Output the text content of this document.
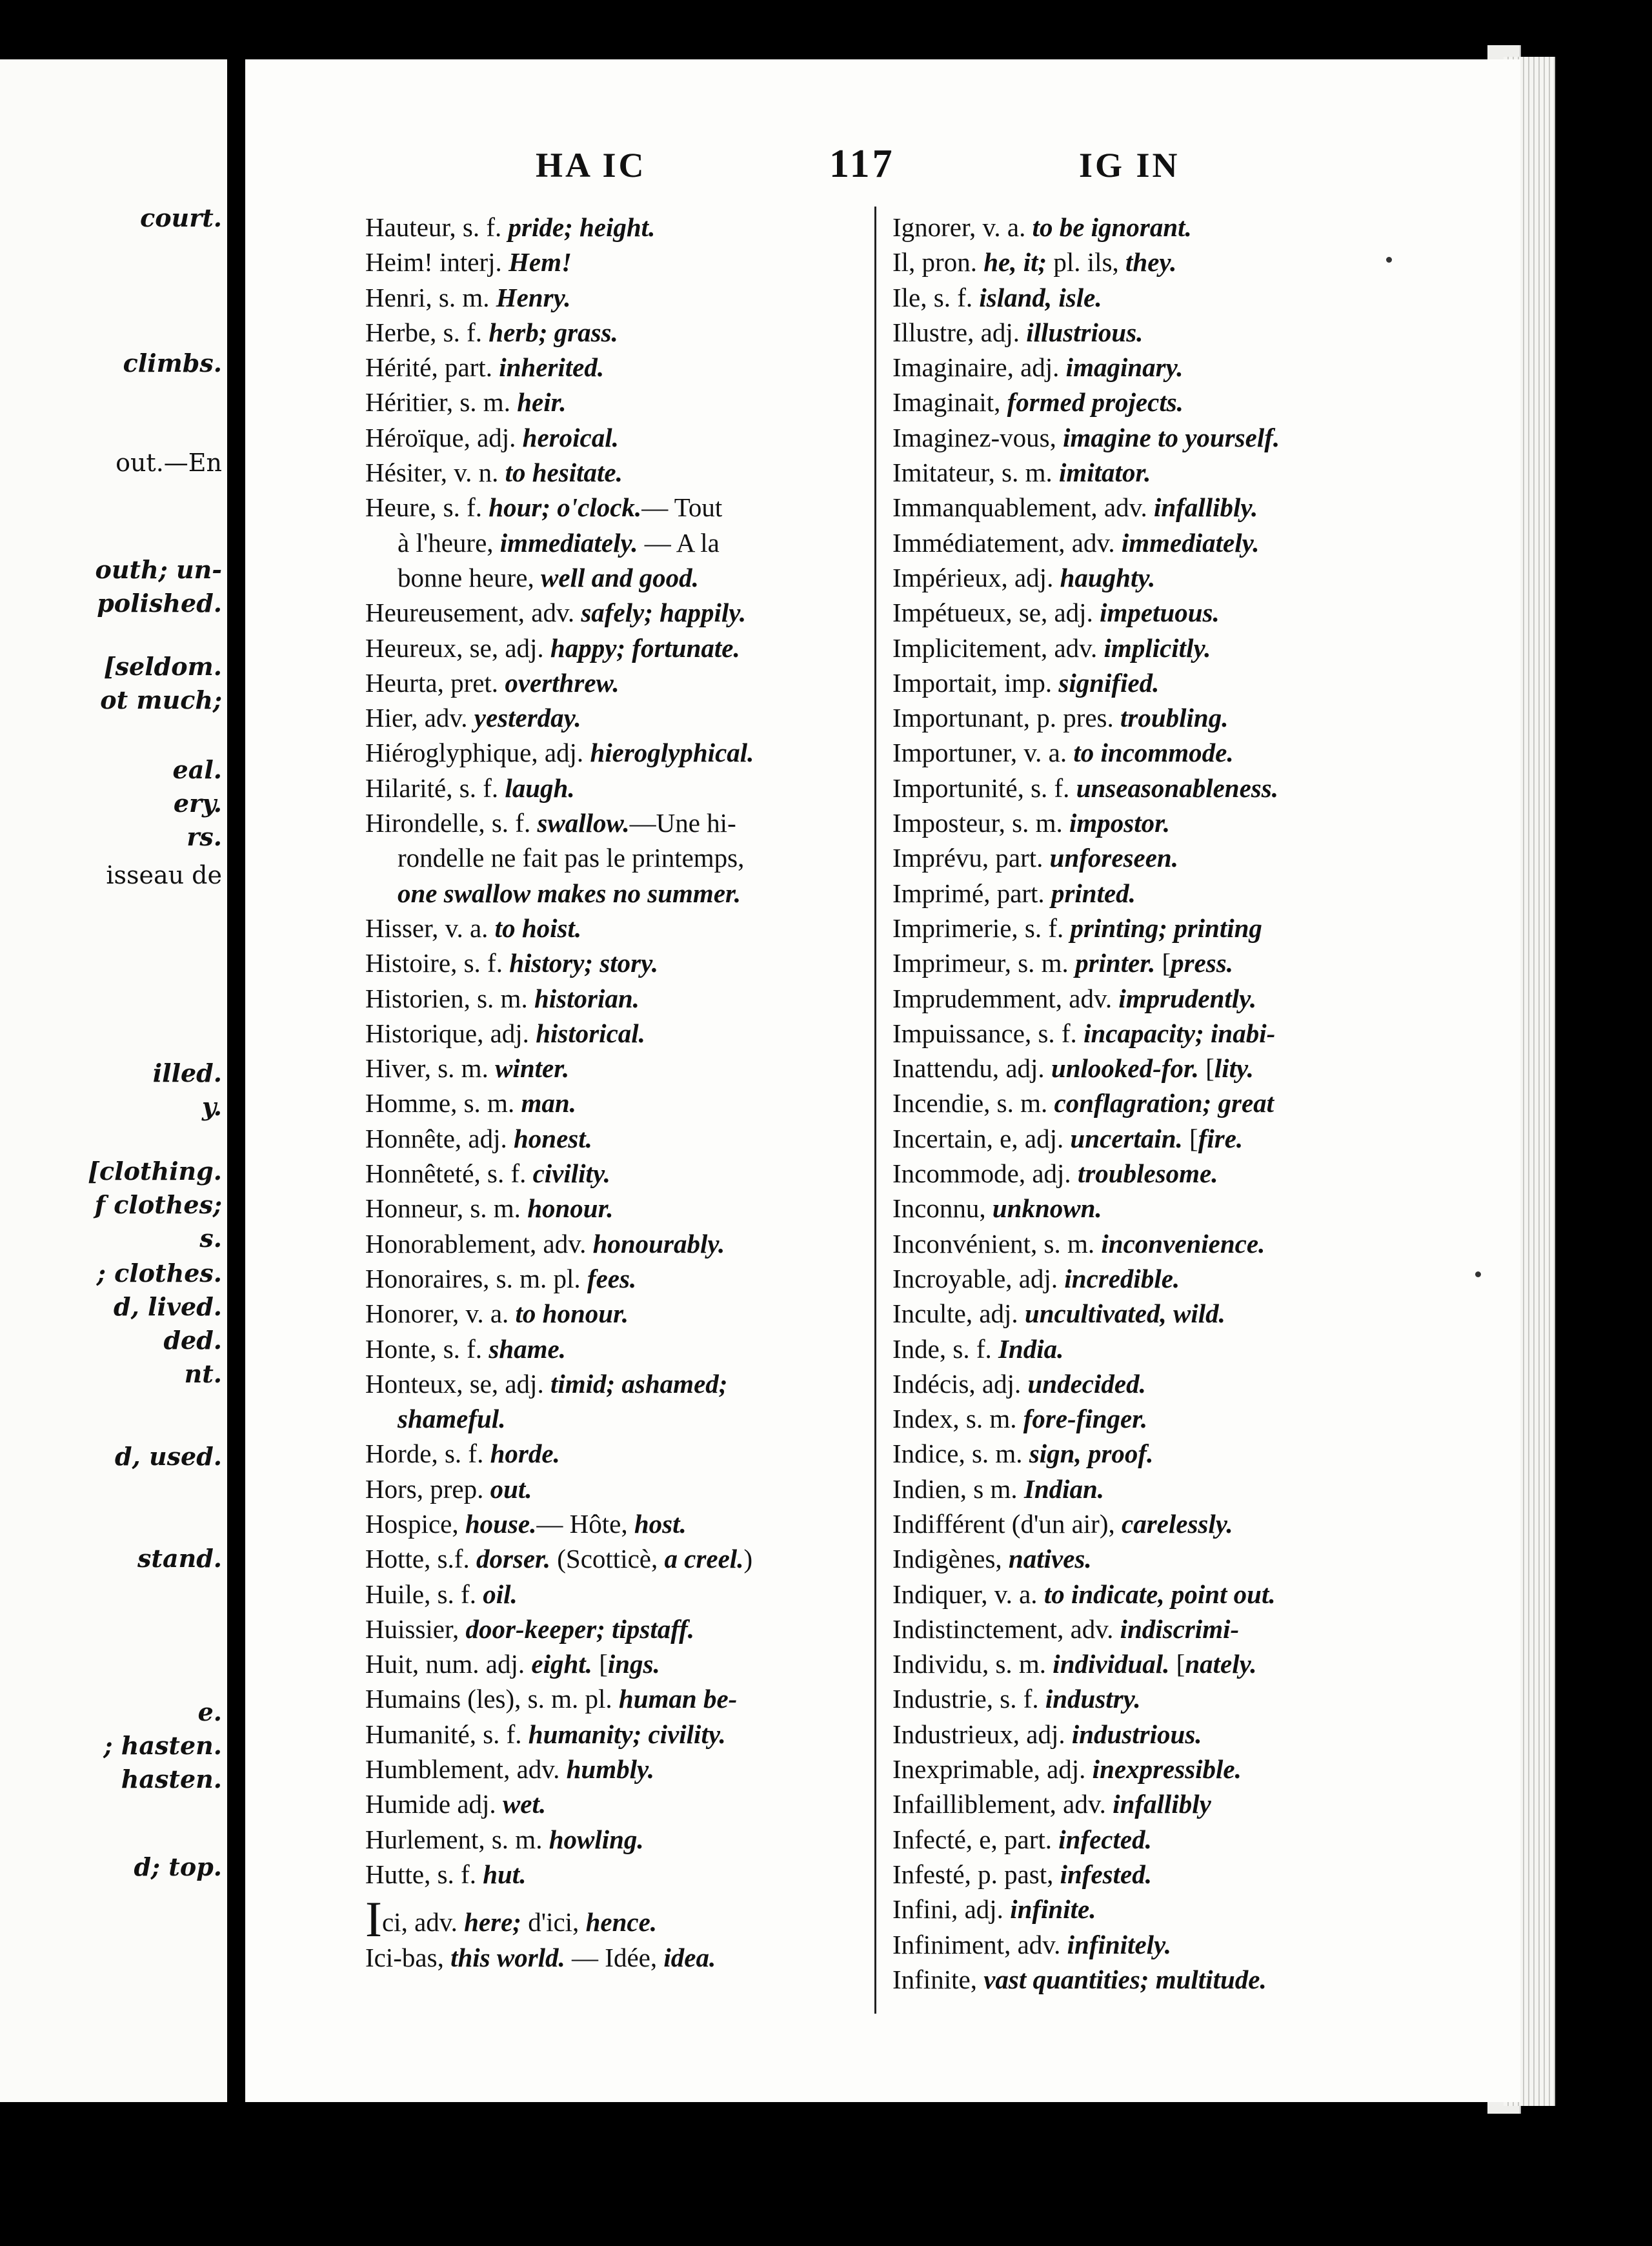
court.
climbs.
out.—En
outh; un-
polished.
[seldom.
ot much;
eal.
ery.
rs.
isseau de
illed.
y.
[clothing.
f clothes;
s.
; clothes.
d, lived.
ded.
nt.
d, used.
stand.
e.
; hasten.
hasten.
d; top.
HA IC	117	IG IN
Hauteur, s. f. pride; height.
Heim! interj. Hem!
Henri, s. m. Henry.
Herbe, s. f. herb; grass.
Hérité, part. inherited.
Héritier, s. m. heir.
Héroïque, adj. heroical.
Hésiter, v. n. to hesitate.
Heure, s. f. hour; o'clock.— Tout
à l'heure, immediately. — A la
bonne heure, well and good.
Heureusement, adv. safely; happily.
Heureux, se, adj. happy; fortunate.
Heurta, pret. overthrew.
Hier, adv. yesterday.
Hiéroglyphique, adj. hieroglyphical.
Hilarité, s. f. laugh.
Hirondelle, s. f. swallow.—Une hi-
rondelle ne fait pas le printemps,
one swallow makes no summer.
Hisser, v. a. to hoist.
Histoire, s. f. history; story.
Historien, s. m. historian.
Historique, adj. historical.
Hiver, s. m. winter.
Homme, s. m. man.
Honnête, adj. honest.
Honnêteté, s. f. civility.
Honneur, s. m. honour.
Honorablement, adv. honourably.
Honoraires, s. m. pl. fees.
Honorer, v. a. to honour.
Honte, s. f. shame.
Honteux, se, adj. timid; ashamed;
shameful.
Horde, s. f. horde.
Hors, prep. out.
Hospice, house.— Hôte, host.
Hotte, s.f. dorser. (Scotticè, a creel.)
Huile, s. f. oil.
Huissier, door-keeper; tipstaff.
Huit, num. adj. eight. [ings.
Humains (les), s. m. pl. human be-
Humanité, s. f. humanity; civility.
Humblement, adv. humbly.
Humide adj. wet.
Hurlement, s. m. howling.
Hutte, s. f. hut.
Ici, adv. here; d'ici, hence.
Ici-bas, this world. — Idée, idea.
Ignorer, v. a. to be ignorant.
Il, pron. he, it; pl. ils, they.
Ile, s. f. island, isle.
Illustre, adj. illustrious.
Imaginaire, adj. imaginary.
Imaginait, formed projects.
Imaginez-vous, imagine to yourself.
Imitateur, s. m. imitator.
Immanquablement, adv. infallibly.
Immédiatement, adv. immediately.
Impérieux, adj. haughty.
Impétueux, se, adj. impetuous.
Implicitement, adv. implicitly.
Importait, imp. signified.
Importunant, p. pres. troubling.
Importuner, v. a. to incommode.
Importunité, s. f. unseasonableness.
Imposteur, s. m. impostor.
Imprévu, part. unforeseen.
Imprimé, part. printed.
Imprimerie, s. f. printing; printing
Imprimeur, s. m. printer. [press.
Imprudemment, adv. imprudently.
Impuissance, s. f. incapacity; inabi-
Inattendu, adj. unlooked-for. [lity.
Incendie, s. m. conflagration; great
Incertain, e, adj. uncertain. [fire.
Incommode, adj. troublesome.
Inconnu, unknown.
Inconvénient, s. m. inconvenience.
Incroyable, adj. incredible.
Inculte, adj. uncultivated, wild.
Inde, s. f. India.
Indécis, adj. undecided.
Index, s. m. fore-finger.
Indice, s. m. sign, proof.
Indien, s m. Indian.
Indifférent (d'un air), carelessly.
Indigènes, natives.
Indiquer, v. a. to indicate, point out.
Indistinctement, adv. indiscrimi-
Individu, s. m. individual. [nately.
Industrie, s. f. industry.
Industrieux, adj. industrious.
Inexprimable, adj. inexpressible.
Infailliblement, adv. infallibly
Infecté, e, part. infected.
Infesté, p. past, infested.
Infini, adj. infinite.
Infiniment, adv. infinitely.
Infinite, vast quantities; multitude.
